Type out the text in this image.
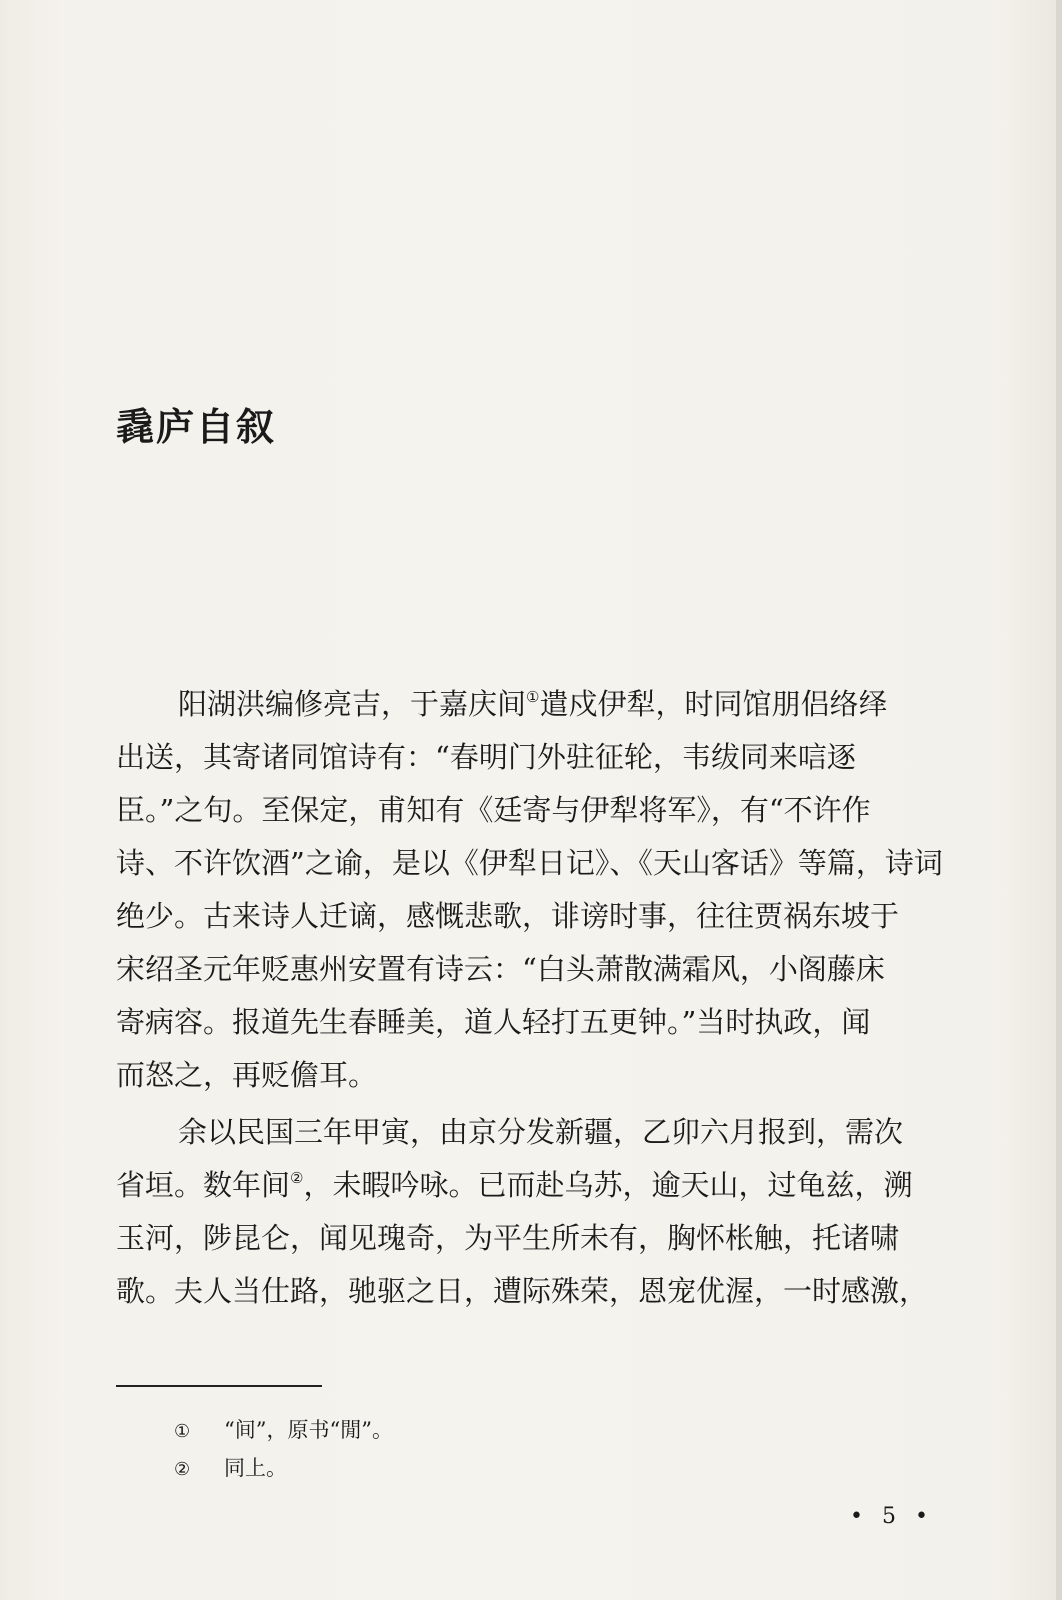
毳庐自叙

阳湖洪编修亮吉，于嘉庆间①遣戍伊犁，时同馆朋侣络绎
出送，其寄诸同馆诗有：“春明门外驻征轮，韦绂同来唁逐
臣。”之句。至保定，甫知有《廷寄与伊犁将军》，有“不许作
诗、不许饮酒”之谕，是以《伊犁日记》、《天山客话》等篇，诗词
绝少。古来诗人迁谪，感慨悲歌，诽谤时事，往往贾祸东坡于
宋绍圣元年贬惠州安置有诗云：“白头萧散满霜风，小阁藤床
寄病容。报道先生春睡美，道人轻打五更钟。”当时执政，闻
而怒之，再贬儋耳。

余以民国三年甲寅，由京分发新疆，乙卯六月报到，需次
省垣。数年间②，未暇吟咏。已而赴乌苏，逾天山，过龟兹，溯
玉河，陟昆仑，闻见瑰奇，为平生所未有，胸怀枨触，托诸啸
歌。夫人当仕路，驰驱之日，遭际殊荣，恩宠优渥，一时感激，

① “间”，原书“閒”。
② 同上。
• 5 •
